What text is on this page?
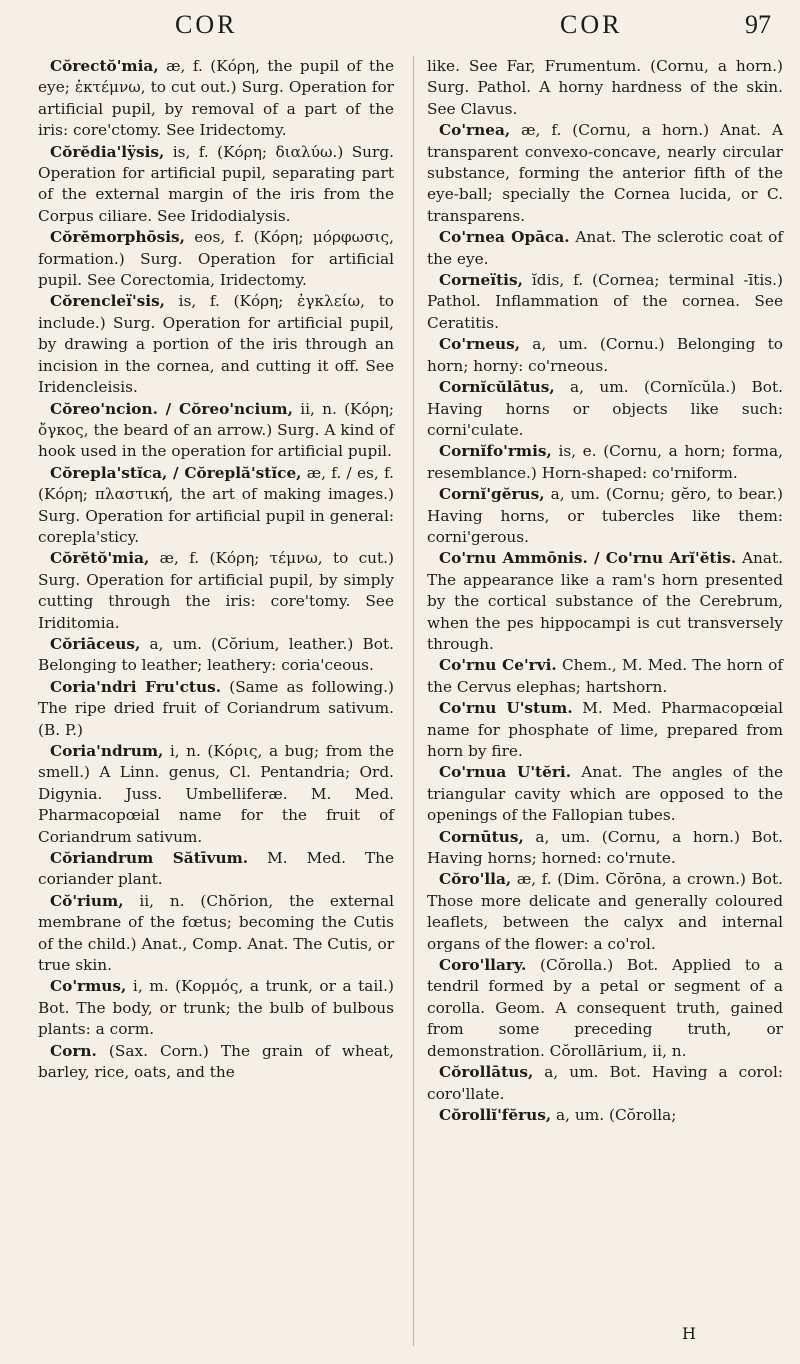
COR	COR	97

Cŏrectŏ'mia, æ, f. (Κόρη, the pupil of the eye; ἐκτέμνω, to cut out.) Surg. Operation for artificial pupil, by removal of a part of the iris: core'ctomy. See Iridectomy.

Cŏrĕdia'lÿsis, is, f. (Κόρη; διαλύω.) Surg. Operation for artificial pupil, separating part of the external margin of the iris from the Corpus ciliare. See Iridodialysis.

Cŏrĕmorphōsis, eos, f. (Κόρη; μόρφωσις, formation.) Surg. Operation for artificial pupil. See Corectomia, Iridectomy.

Cŏrencleï'sis, is, f. (Κόρη; ἐγκλείω, to include.) Surg. Operation for artificial pupil, by drawing a portion of the iris through an incision in the cornea, and cutting it off. See Iridencleisis.

Cŏreo'ncion. / Cŏreo'ncium, ii, n. (Κόρη; ὄγκος, the beard of an arrow.) Surg. A kind of hook used in the operation for artificial pupil.

Cŏrepla'stĭca, / Cŏreplă'stĭce, æ, f. / es, f. (Κόρη; πλαστική, the art of making images.) Surg. Operation for artificial pupil in general: corepla'sticy.

Cŏrĕtŏ'mia, æ, f. (Κόρη; τέμνω, to cut.) Surg. Operation for artificial pupil, by simply cutting through the iris: core'tomy. See Iriditomia.

Cŏriāceus, a, um. (Cŏrium, leather.) Bot. Belonging to leather; leathery: coria'ceous.

Coria'ndri Fru'ctus. (Same as following.) The ripe dried fruit of Coriandrum sativum. (B. P.)

Coria'ndrum, i, n. (Κόρις, a bug; from the smell.) A Linn. genus, Cl. Pentandria; Ord. Digynia. Juss. Umbelliferæ. M. Med. Pharmacopœial name for the fruit of Coriandrum sativum.

Cŏriandrum Sătīvum. M. Med. The coriander plant.

Cŏ'rium, ii, n. (Chŏrion, the external membrane of the fœtus; becoming the Cutis of the child.) Anat., Comp. Anat. The Cutis, or true skin.

Co'rmus, i, m. (Κορμός, a trunk, or a tail.) Bot. The body, or trunk; the bulb of bulbous plants: a corm.

Corn. (Sax. Corn.) The grain of wheat, barley, rice, oats, and the

like. See Far, Frumentum. (Cornu, a horn.) Surg. Pathol. A horny hardness of the skin. See Clavus.

Co'rnea, æ, f. (Cornu, a horn.) Anat. A transparent convexo-concave, nearly circular substance, forming the anterior fifth of the eye-ball; specially the Cornea lucida, or C. transparens.

Co'rnea Opāca. Anat. The sclerotic coat of the eye.

Corneïtis, ĭdis, f. (Cornea; terminal -ītis.) Pathol. Inflammation of the cornea. See Ceratitis.

Co'rneus, a, um. (Cornu.) Belonging to horn; horny: co'rneous.

Cornĭcŭlātus, a, um. (Cornĭcŭla.) Bot. Having horns or objects like such: corni'culate.

Cornĭfo'rmis, is, e. (Cornu, a horn; forma, resemblance.) Horn-shaped: co'rniform.

Cornĭ'gĕrus, a, um. (Cornu; gĕro, to bear.) Having horns, or tubercles like them: corni'gerous.

Co'rnu Ammōnis. / Co'rnu Arĭ'ĕtis. Anat. The appearance like a ram's horn presented by the cortical substance of the Cerebrum, when the pes hippocampi is cut transversely through.

Co'rnu Ce'rvi. Chem., M. Med. The horn of the Cervus elephas; hartshorn.

Co'rnu U'stum. M. Med. Pharmacopœial name for phosphate of lime, prepared from horn by fire.

Co'rnua U'tĕri. Anat. The angles of the triangular cavity which are opposed to the openings of the Fallopian tubes.

Cornūtus, a, um. (Cornu, a horn.) Bot. Having horns; horned: co'rnute.

Cŏro'lla, æ, f. (Dim. Cŏrōna, a crown.) Bot. Those more delicate and generally coloured leaflets, between the calyx and internal organs of the flower: a co'rol.

Coro'llary. (Cŏrolla.) Bot. Applied to a tendril formed by a petal or segment of a corolla. Geom. A consequent truth, gained from some preceding truth, or demonstration. Cŏrollārium, ii, n.

Cŏrollātus, a, um. Bot. Having a corol: coro'llate.

Cŏrollĭ'fĕrus, a, um. (Cŏrolla;

H
